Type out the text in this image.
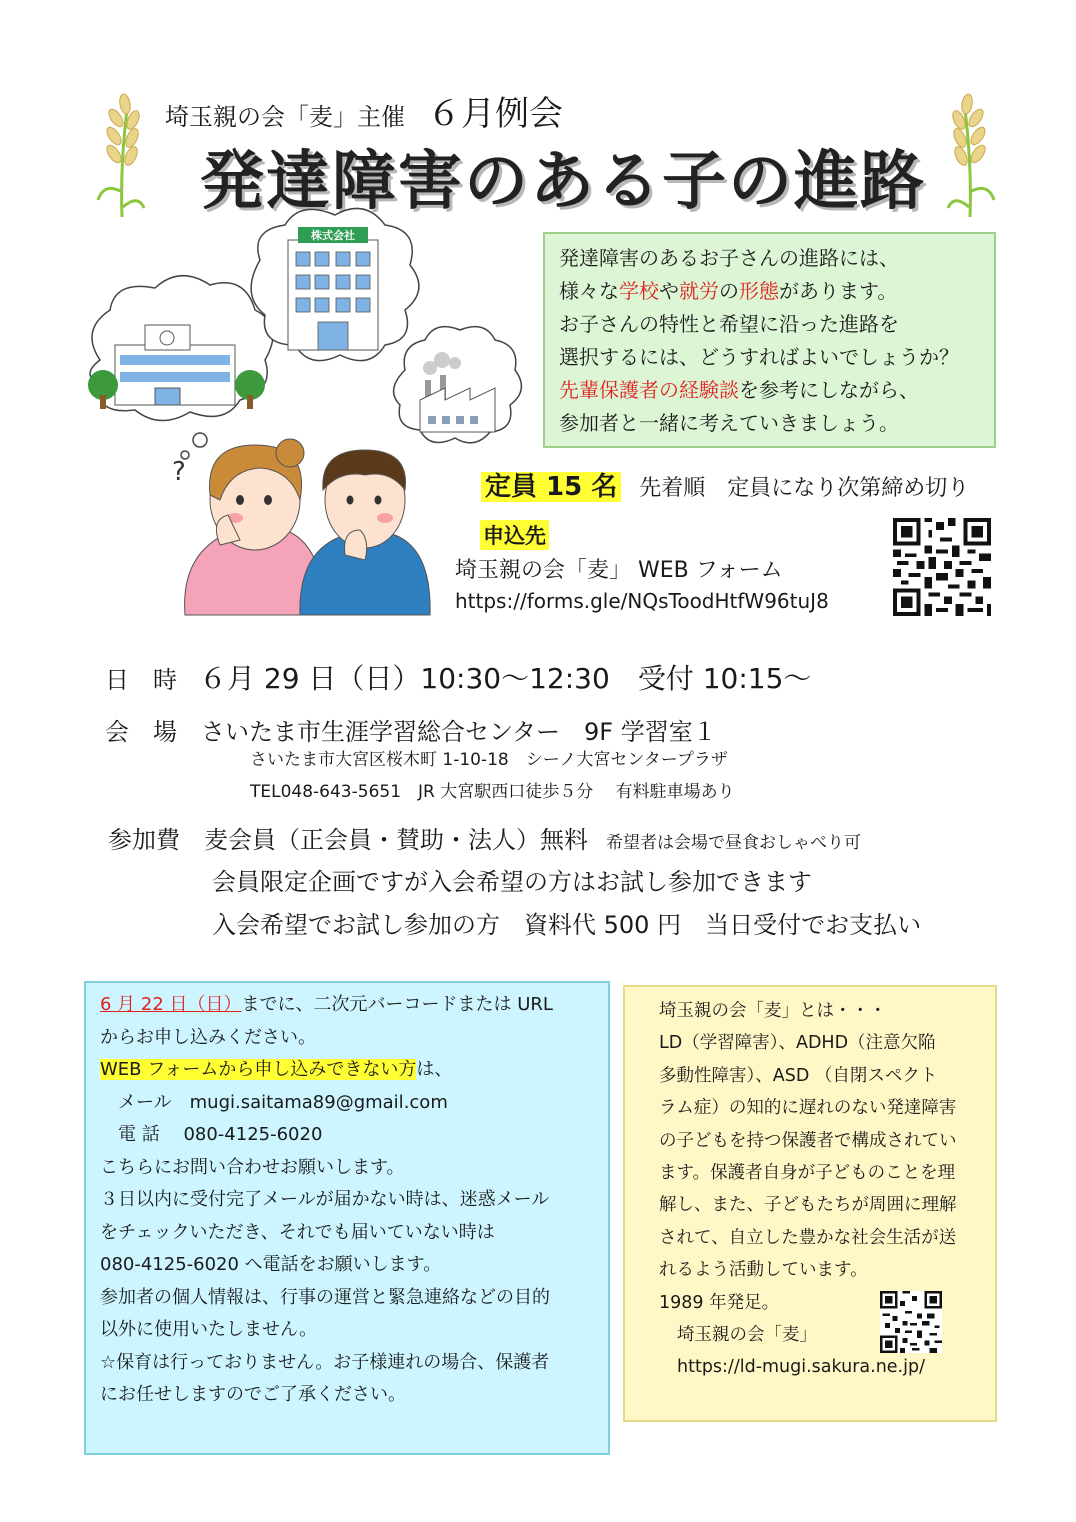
埼玉親の会「麦」主催 ６月例会
発達障害のある子の進路
株式会社
?
発達障害のあるお子さんの進路には、
様々な学校や就労の形態があります。
お子さんの特性と希望に沿った進路を
選択するには、どうすればよいでしょうか？
先輩保護者の経験談を参考にしながら、
参加者と一緒に考えていきましょう。
定員 15 名 先着順　定員になり次第締め切り
申込先
埼玉親の会「麦」 WEB フォーム
https://forms.gle/NQsToodHtfW96tuJ8
日　時 ６月 29 日（日）10:30〜12:30　受付 10:15〜
会　場 さいたま市生涯学習総合センター　9F 学習室１
さいたま市大宮区桜木町 1-10-18　シーノ大宮センタープラザ
TEL048-643-5651　JR 大宮駅西口徒歩５分　 有料駐車場あり
参加費 麦会員（正会員・賛助・法人）無料 希望者は会場で昼食おしゃべり可
会員限定企画ですが入会希望の方はお試し参加できます
入会希望でお試し参加の方　資料代 500 円　当日受付でお支払い
6 月 22 日（日）までに、二次元バーコードまたは URL
からお申し込みください。
WEB フォームから申し込みできない方は、
　メール　mugi.saitama89@gmail.com
　電 話　 080-4125-6020
こちらにお問い合わせお願いします。
３日以内に受付完了メールが届かない時は、迷惑メール
をチェックいただき、それでも届いていない時は
080-4125-6020 へ電話をお願いします。
参加者の個人情報は、行事の運営と緊急連絡などの目的
以外に使用いたしません。
☆保育は行っておりません。お子様連れの場合、保護者
にお任せしますのでご了承ください。
埼玉親の会「麦」とは・・・
LD（学習障害）、ADHD（注意欠陥
多動性障害）、ASD （自閉スペクト
ラム症）の知的に遅れのない発達障害
の子どもを持つ保護者で構成されてい
ます。保護者自身が子どものことを理
解し、また、子どもたちが周囲に理解
されて、自立した豊かな社会生活が送
れるよう活動しています。
1989 年発足。
埼玉親の会「麦」
https://ld-mugi.sakura.ne.jp/
